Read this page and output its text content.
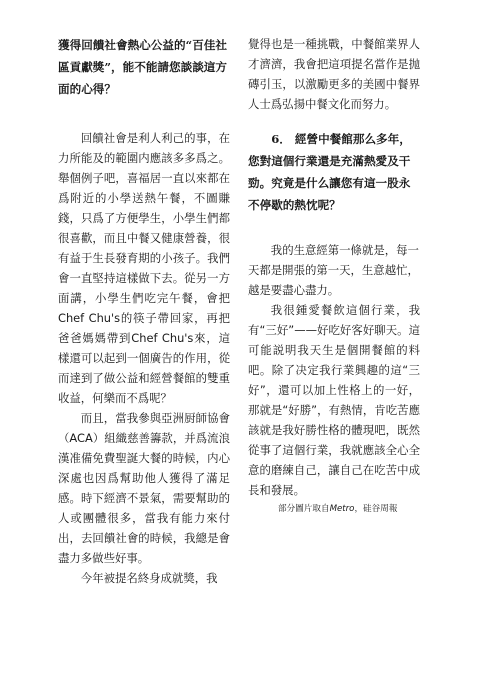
獲得回饋社會熱心公益的“百佳社區貢獻獎”，能不能請您談談這方面的心得？

回饋社會是利人利己的事，在力所能及的範圍内應該多多爲之。舉個例子吧，喜福居一直以來都在爲附近的小學送熱午餐，不圖賺錢，只爲了方便學生，小學生們都很喜歡，而且中餐又健康營養，很有益于生長發育期的小孩子。我們會一直堅持這樣做下去。從另一方面講，小學生們吃完午餐，會把Chef Chu's的筷子帶回家，再把爸爸媽媽帶到Chef Chu's來，這樣還可以起到一個廣告的作用，從而達到了做公益和經營餐館的雙重收益，何樂而不爲呢？

而且，當我參與亞洲厨師協會（ACA）組織慈善籌款，并爲流浪漢准備免費聖誕大餐的時候，内心深處也因爲幫助他人獲得了滿足感。時下經濟不景氣，需要幫助的人或團體很多，當我有能力來付出，去回饋社會的時候，我總是會盡力多做些好事。

今年被提名終身成就獎，我

覺得也是一種挑戰，中餐館業界人才濟濟，我會把這項提名當作是抛磚引玉，以激勵更多的美國中餐界人士爲弘揚中餐文化而努力。

6． 經營中餐館那么多年，您對這個行業還是充滿熱愛及干勁。究竟是什么讓您有這一股永不停歇的熱忱呢？

我的生意經第一條就是，每一

天都是開張的第一天，生意越忙，

越是要盡心盡力。

我很鍾愛餐飲這個行業，我有“三好”——好吃好客好聊天。這可能説明我天生是個開餐館的料吧。除了决定我行業興趣的這“三好”，還可以加上性格上的一好，那就是“好勝”，有熱情，肯吃苦應該就是我好勝性格的體現吧，既然從事了這個行業，我就應該全心全意的磨練自己，讓自己在吃苦中成長和發展。

部分圖片取自Metro，硅谷周報
